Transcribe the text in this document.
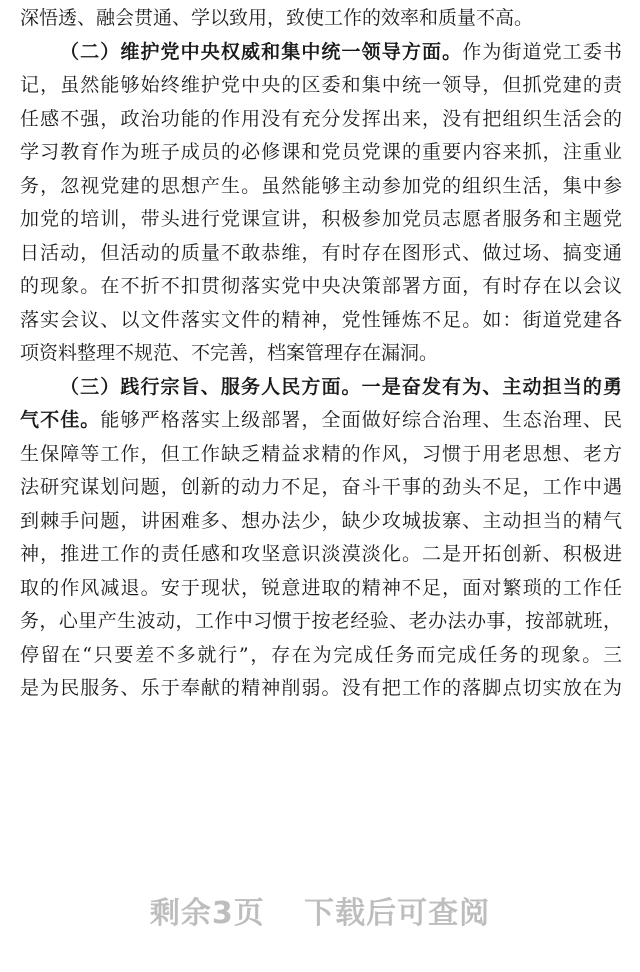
深悟透、融会贯通、学以致用，致使工作的效率和质量不高。
（二）维护党中央权威和集中统一领导方面。作为街道党工委书
记，虽然能够始终维护党中央的区委和集中统一领导，但抓党建的责
任感不强，政治功能的作用没有充分发挥出来，没有把组织生活会的
学习教育作为班子成员的必修课和党员党课的重要内容来抓，注重业
务，忽视党建的思想产生。虽然能够主动参加党的组织生活，集中参
加党的培训，带头进行党课宣讲，积极参加党员志愿者服务和主题党
日活动，但活动的质量不敢恭维，有时存在图形式、做过场、搞变通
的现象。在不折不扣贯彻落实党中央决策部署方面，有时存在以会议
落实会议、以文件落实文件的精神，党性锤炼不足。如：街道党建各
项资料整理不规范、不完善，档案管理存在漏洞。
（三）践行宗旨、服务人民方面。一是奋发有为、主动担当的勇
气不佳。能够严格落实上级部署，全面做好综合治理、生态治理、民
生保障等工作，但工作缺乏精益求精的作风，习惯于用老思想、老方
法研究谋划问题，创新的动力不足，奋斗干事的劲头不足，工作中遇
到棘手问题，讲困难多、想办法少，缺少攻城拔寨、主动担当的精气
神，推进工作的责任感和攻坚意识淡漠淡化。二是开拓创新、积极进
取的作风减退。安于现状，锐意进取的精神不足，面对繁琐的工作任
务，心里产生波动，工作中习惯于按老经验、老办法办事，按部就班，
停留在“只要差不多就行”，存在为完成任务而完成任务的现象。三
是为民服务、乐于奉献的精神削弱。没有把工作的落脚点切实放在为
剩余3页 下载后可查阅
